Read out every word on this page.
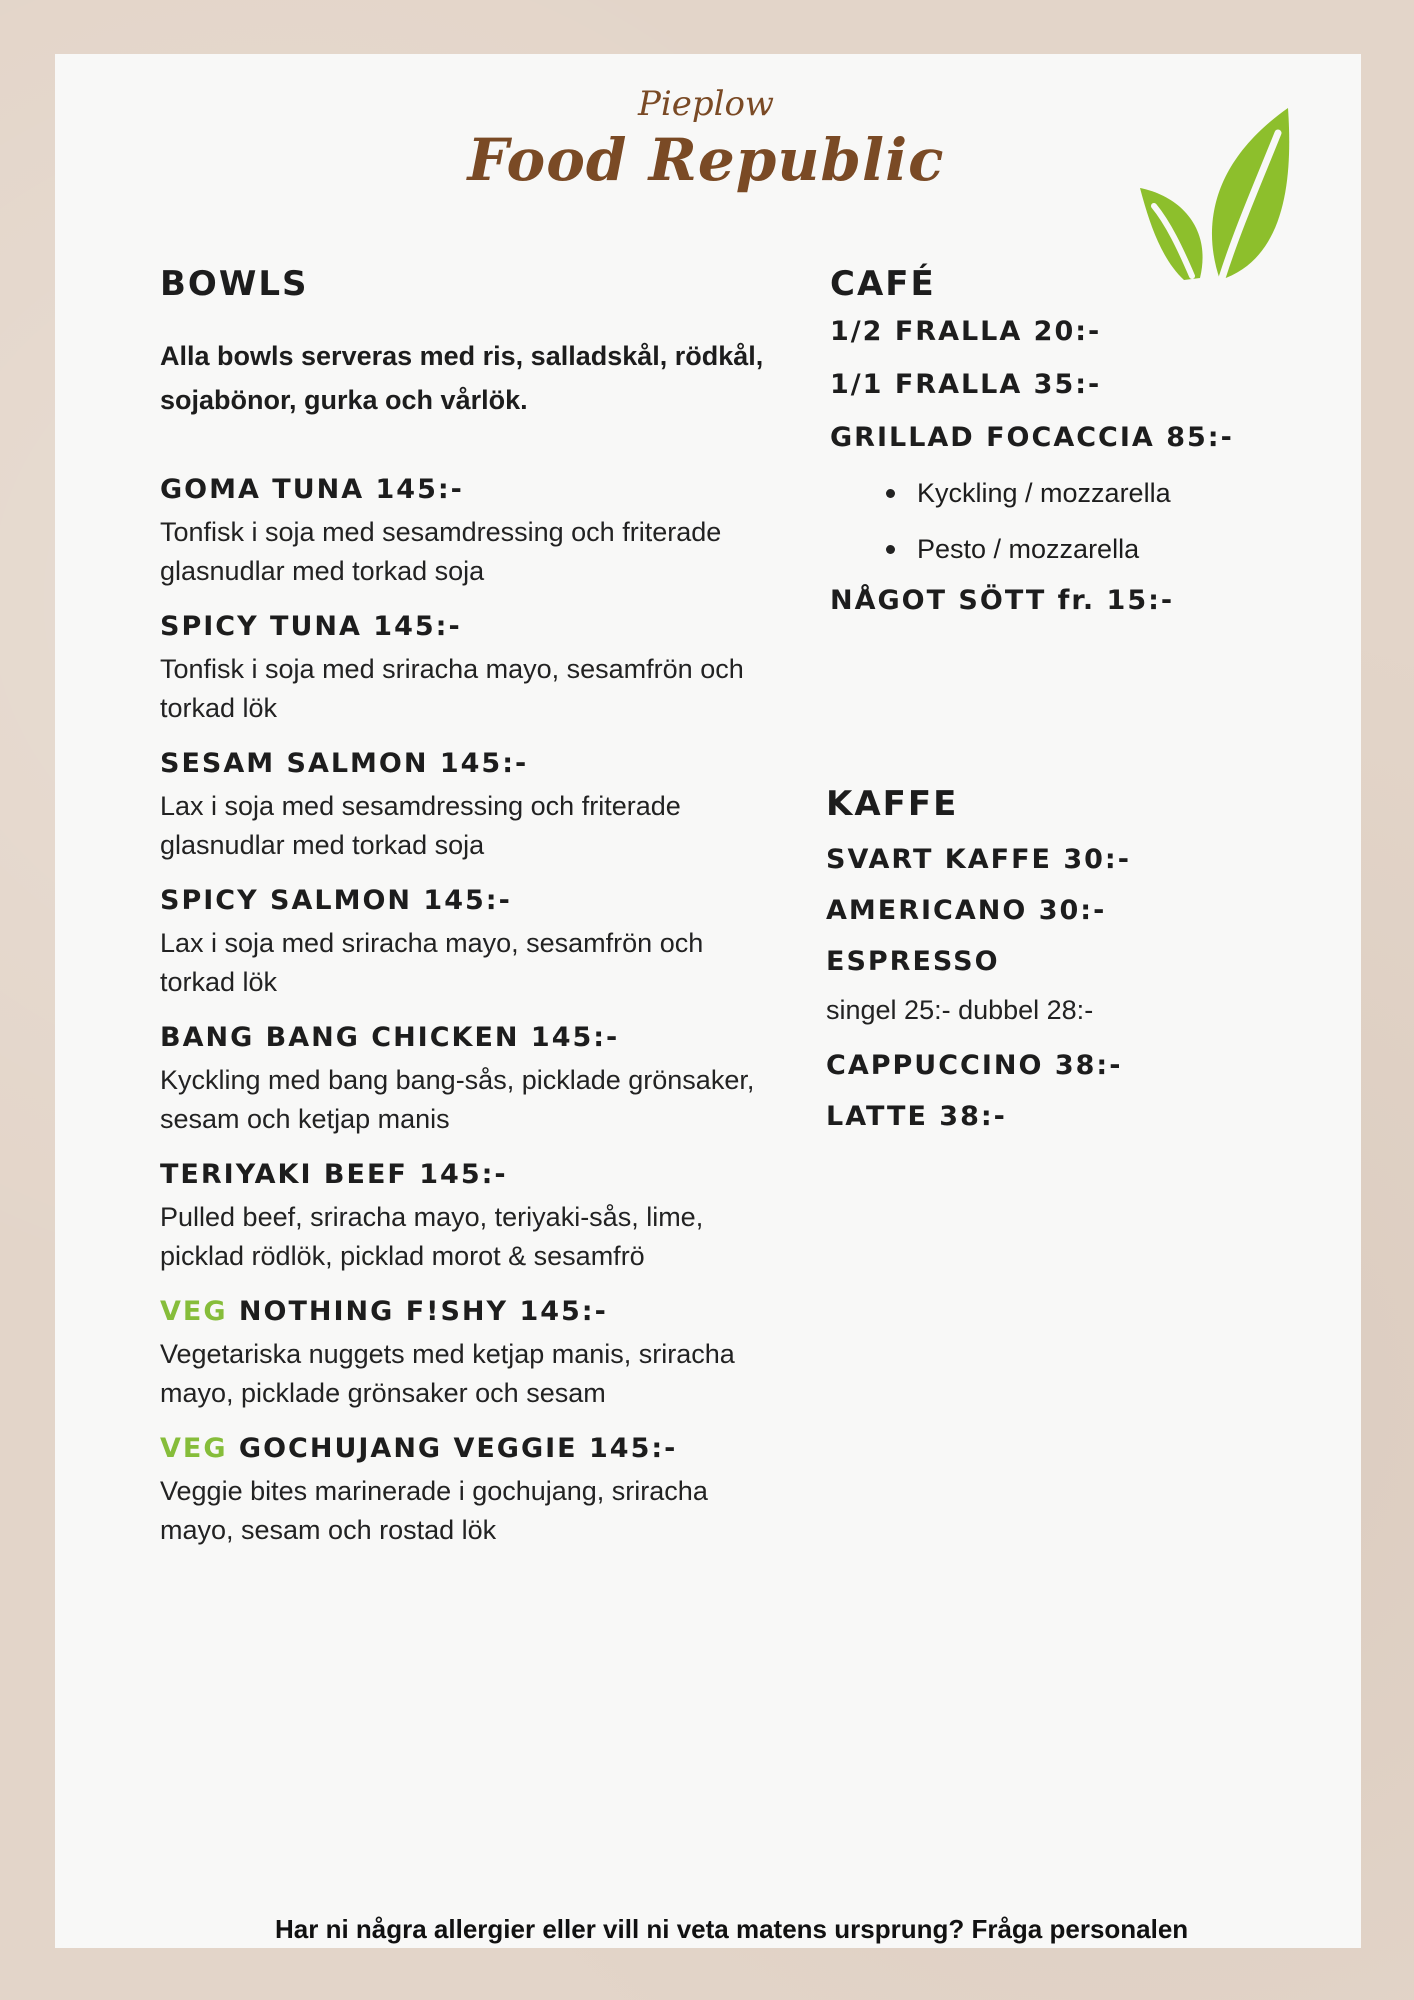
Pieplow
Food Republic
BOWLS
Alla bowls serveras med ris, salladskål, rödkål, sojabönor, gurka och vårlök.
GOMA TUNA 145:-
Tonfisk i soja med sesamdressing och friterade glasnudlar med torkad soja
SPICY TUNA 145:-
Tonfisk i soja med sriracha mayo, sesamfrön och torkad lök
SESAM SALMON 145:-
Lax i soja med sesamdressing och friterade glasnudlar med torkad soja
SPICY SALMON 145:-
Lax i soja med sriracha mayo, sesamfrön och torkad lök
BANG BANG CHICKEN 145:-
Kyckling med bang bang-sås, picklade grönsaker, sesam och ketjap manis
TERIYAKI BEEF 145:-
Pulled beef, sriracha mayo, teriyaki-sås, lime, picklad rödlök, picklad morot & sesamfrö
VEG NOTHING F!SHY 145:-
Vegetariska nuggets med ketjap manis, sriracha mayo, picklade grönsaker och sesam
VEG GOCHUJANG VEGGIE 145:-
Veggie bites marinerade i gochujang, sriracha mayo, sesam och rostad lök
CAFÉ
1/2 FRALLA 20:-
1/1 FRALLA 35:-
GRILLAD FOCACCIA 85:-
Kyckling / mozzarella
Pesto / mozzarella
NÅGOT SÖTT fr. 15:-
KAFFE
SVART KAFFE 30:-
AMERICANO 30:-
ESPRESSO
singel 25:- dubbel 28:-
CAPPUCCINO 38:-
LATTE 38:-
Har ni några allergier eller vill ni veta matens ursprung? Fråga personalen
